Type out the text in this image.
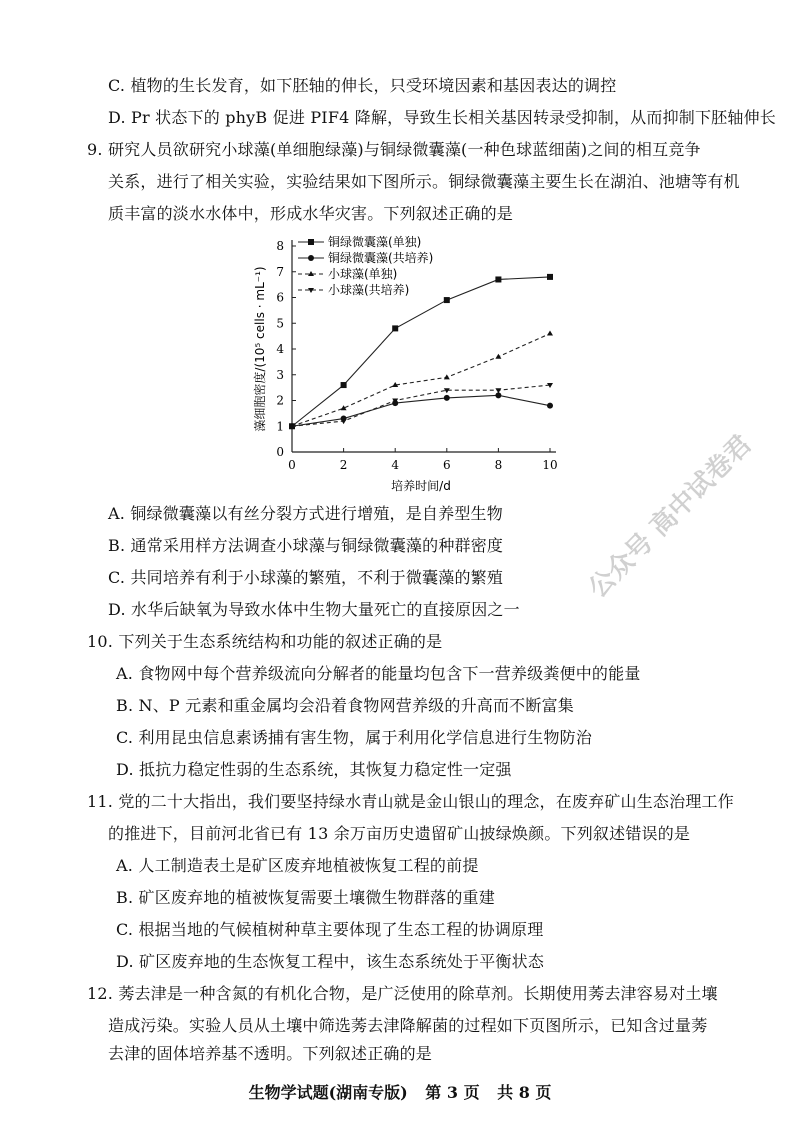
C. 植物的生长发育，如下胚轴的伸长，只受环境因素和基因表达的调控
D. Pr 状态下的 phyB 促进 PIF4 降解，导致生长相关基因转录受抑制，从而抑制下胚轴伸长
9. 研究人员欲研究小球藻(单细胞绿藻)与铜绿微囊藻(一种色球蓝细菌)之间的相互竞争
关系，进行了相关实验，实验结果如下图所示。铜绿微囊藻主要生长在湖泊、池塘等有机
质丰富的淡水水体中，形成水华灾害。下列叙述正确的是
0
1
2
3
4
5
6
7
8
0	2	4	6	8	10
培养时间/d
藻细胞密度/(10⁵ cells · mL⁻¹)
铜绿微囊藻(单独)
铜绿微囊藻(共培养)
小球藻(单独)
小球藻(共培养)
A. 铜绿微囊藻以有丝分裂方式进行增殖，是自养型生物
B. 通常采用样方法调查小球藻与铜绿微囊藻的种群密度
C. 共同培养有利于小球藻的繁殖，不利于微囊藻的繁殖
D. 水华后缺氧为导致水体中生物大量死亡的直接原因之一
10. 下列关于生态系统结构和功能的叙述正确的是
A. 食物网中每个营养级流向分解者的能量均包含下一营养级粪便中的能量
B. N、P 元素和重金属均会沿着食物网营养级的升高而不断富集
C. 利用昆虫信息素诱捕有害生物，属于利用化学信息进行生物防治
D. 抵抗力稳定性弱的生态系统，其恢复力稳定性一定强
11. 党的二十大指出，我们要坚持绿水青山就是金山银山的理念，在废弃矿山生态治理工作
的推进下，目前河北省已有 13 余万亩历史遗留矿山披绿焕颜。下列叙述错误的是
A. 人工制造表土是矿区废弃地植被恢复工程的前提
B. 矿区废弃地的植被恢复需要土壤微生物群落的重建
C. 根据当地的气候植树种草主要体现了生态工程的协调原理
D. 矿区废弃地的生态恢复工程中，该生态系统处于平衡状态
12. 莠去津是一种含氮的有机化合物，是广泛使用的除草剂。长期使用莠去津容易对土壤
造成污染。实验人员从土壤中筛选莠去津降解菌的过程如下页图所示，已知含过量莠
去津的固体培养基不透明。下列叙述正确的是
生物学试题(湖南专版) 第 3 页 共 8 页
公众号 高中试卷君
